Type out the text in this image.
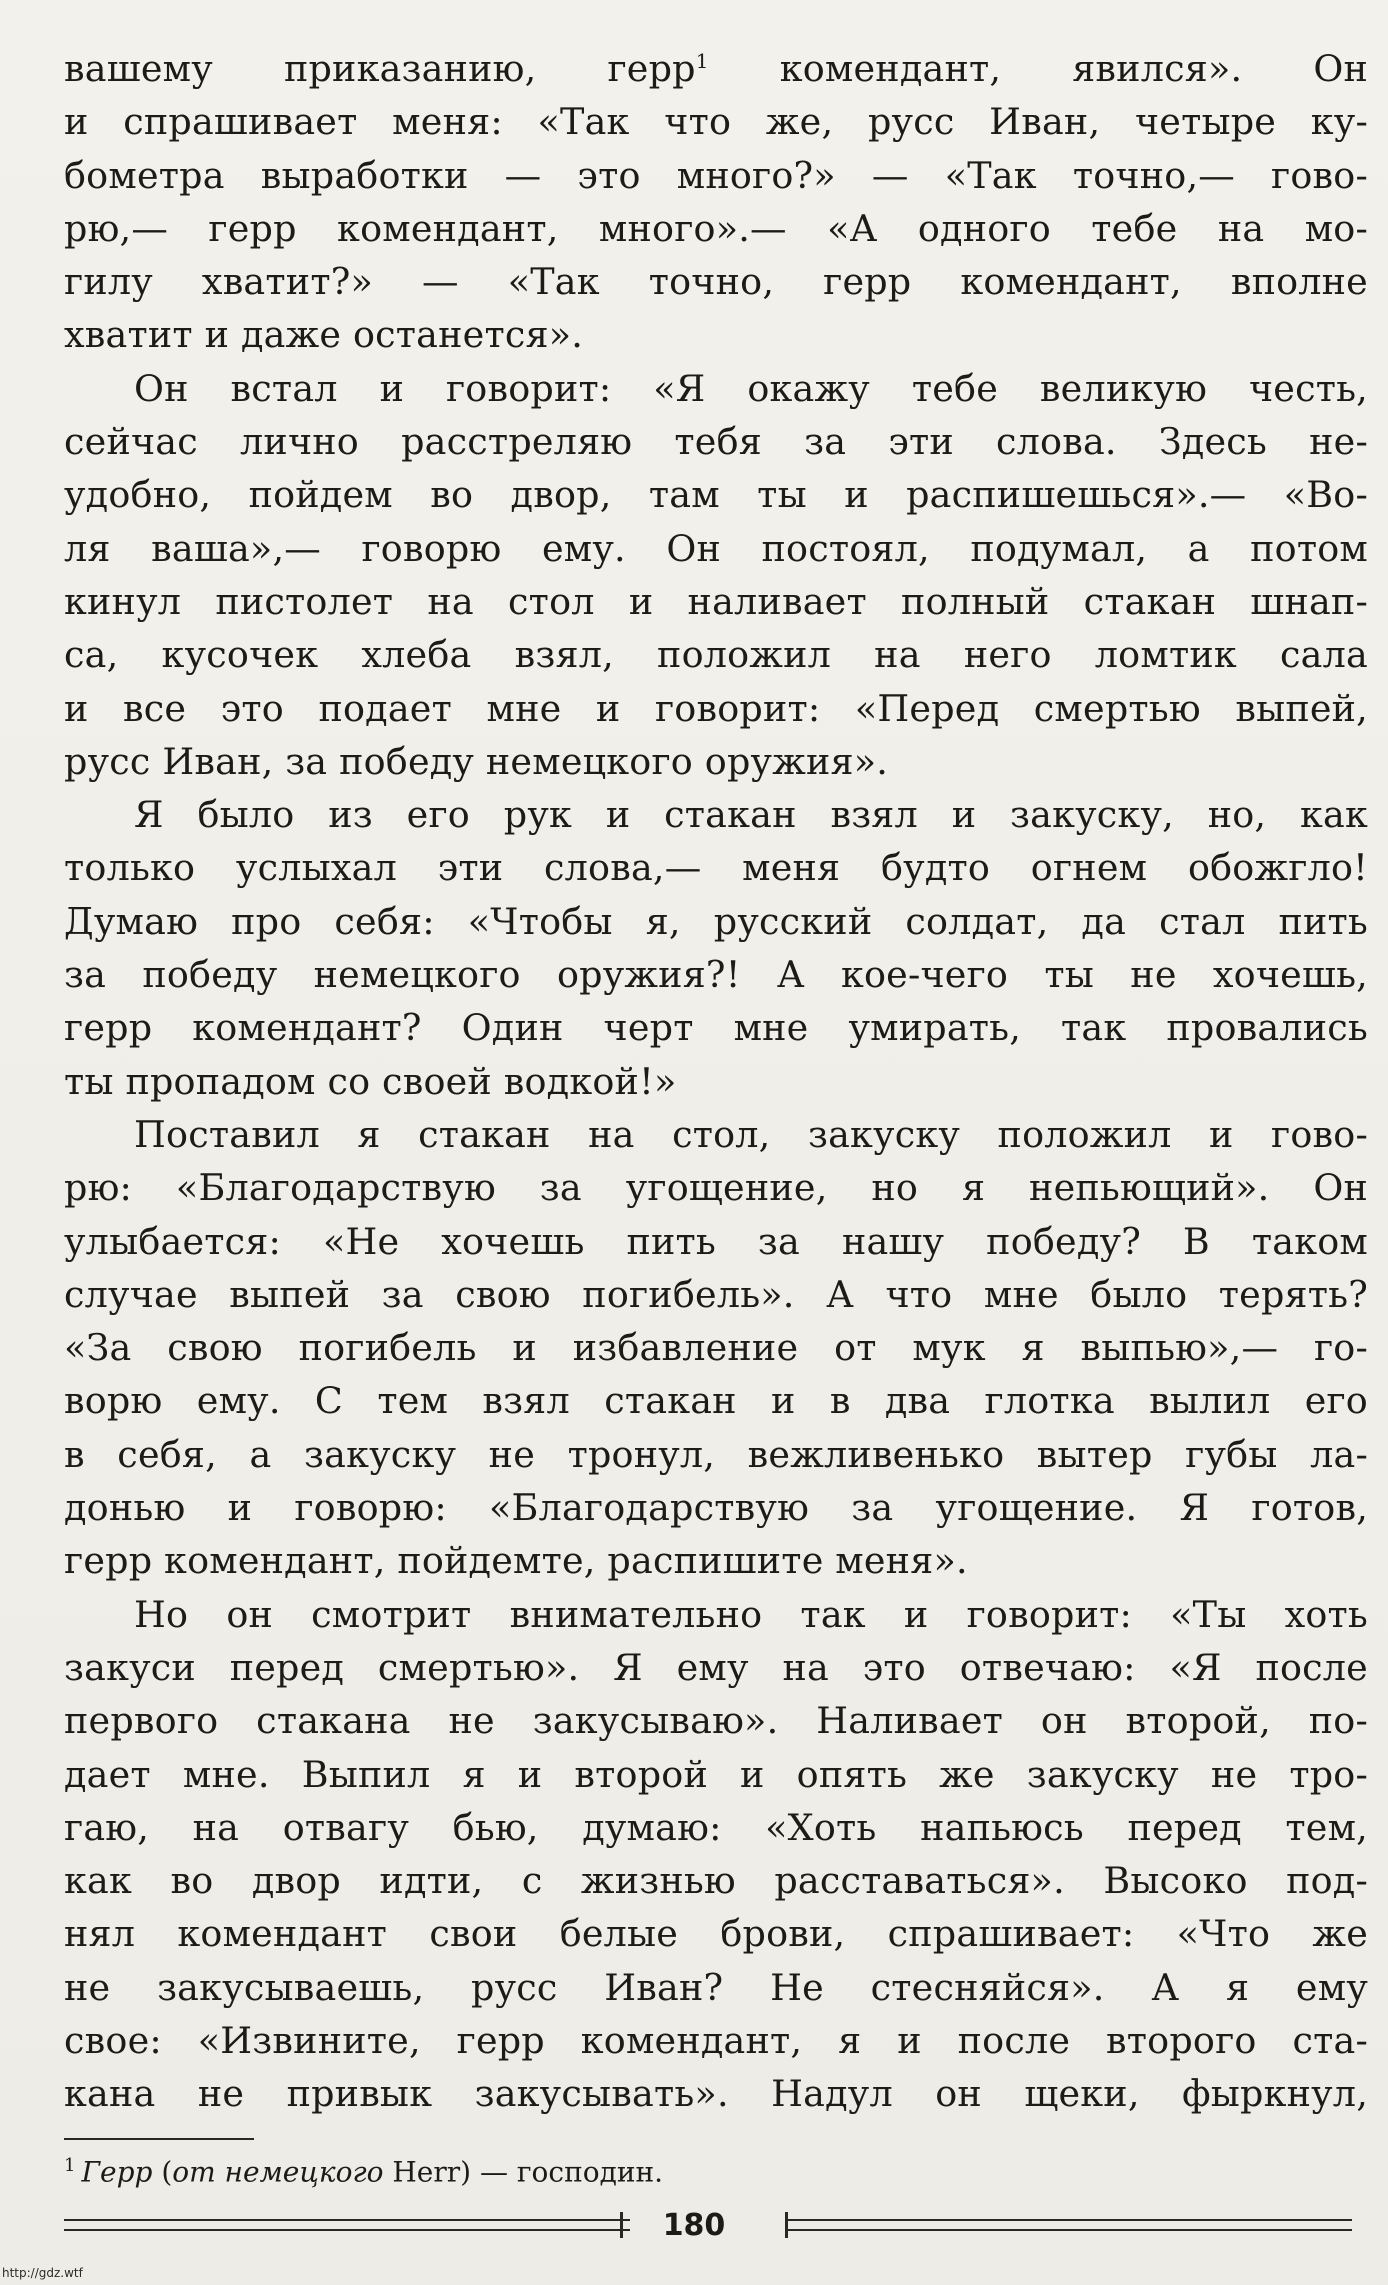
вашему приказанию, герр$^1$ комендант, явился». Он
и спрашивает меня: «Так что же, русс Иван, четыре ку-
бометра выработки — это много?» — «Так точно,— гово-
рю,— герр комендант, много».— «А одного тебе на мо-
гилу хватит?» — «Так точно, герр комендант, вполне
хватит и даже останется».
Он встал и говорит: «Я окажу тебе великую честь,
сейчас лично расстреляю тебя за эти слова. Здесь не-
удобно, пойдем во двор, там ты и распишешься».— «Во-
ля ваша»,— говорю ему. Он постоял, подумал, а потом
кинул пистолет на стол и наливает полный стакан шнап-
са, кусочек хлеба взял, положил на него ломтик сала
и все это подает мне и говорит: «Перед смертью выпей,
русс Иван, за победу немецкого оружия».
Я было из его рук и стакан взял и закуску, но, как
только услыхал эти слова,— меня будто огнем обожгло!
Думаю про себя: «Чтобы я, русский солдат, да стал пить
за победу немецкого оружия?! А кое-чего ты не хочешь,
герр комендант? Один черт мне умирать, так провались
ты пропадом со своей водкой!»
Поставил я стакан на стол, закуску положил и гово-
рю: «Благодарствую за угощение, но я непьющий». Он
улыбается: «Не хочешь пить за нашу победу? В таком
случае выпей за свою погибель». А что мне было терять?
«За свою погибель и избавление от мук я выпью»,— го-
ворю ему. С тем взял стакан и в два глотка вылил его
в себя, а закуску не тронул, вежливенько вытер губы ла-
донью и говорю: «Благодарствую за угощение. Я готов,
герр комендант, пойдемте, распишите меня».
Но он смотрит внимательно так и говорит: «Ты хоть
закуси перед смертью». Я ему на это отвечаю: «Я после
первого стакана не закусываю». Наливает он второй, по-
дает мне. Выпил я и второй и опять же закуску не тро-
гаю, на отвагу бью, думаю: «Хоть напьюсь перед тем,
как во двор идти, с жизнью расставаться». Высоко под-
нял комендант свои белые брови, спрашивает: «Что же
не закусываешь, русс Иван? Не стесняйся». А я ему
свое: «Извините, герр комендант, я и после второго ста-
кана не привык закусывать». Надул он щеки, фыркнул,
$^1$ Герр (от немецкого Herr) — господин.
180
http://gdz.wtf
